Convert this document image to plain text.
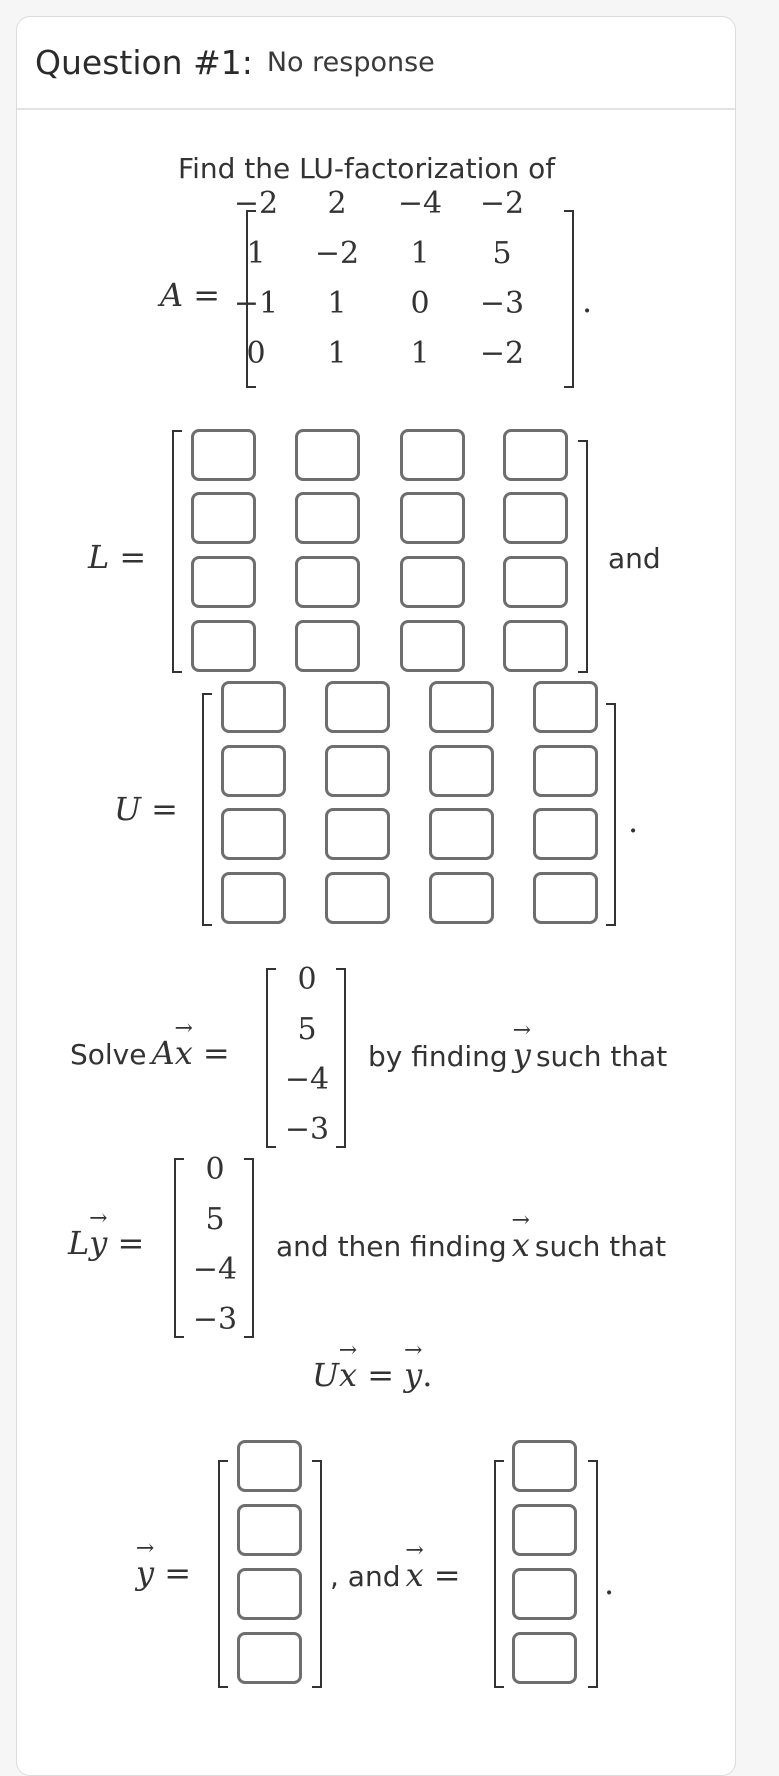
Question #1: No response
Find the LU-factorization of
A =
−2	2	−4 −2
1	−2	1	5
−1	1	0	−3
0	1	1	−2
.
L =	and
U =	.
Solve A→ x =
0
5
−4
−3
by finding → y such that
L→ y =
0
5
−4
−3
and then finding → x such that
U→ x = → y.
→ y =	, and → x =	.
